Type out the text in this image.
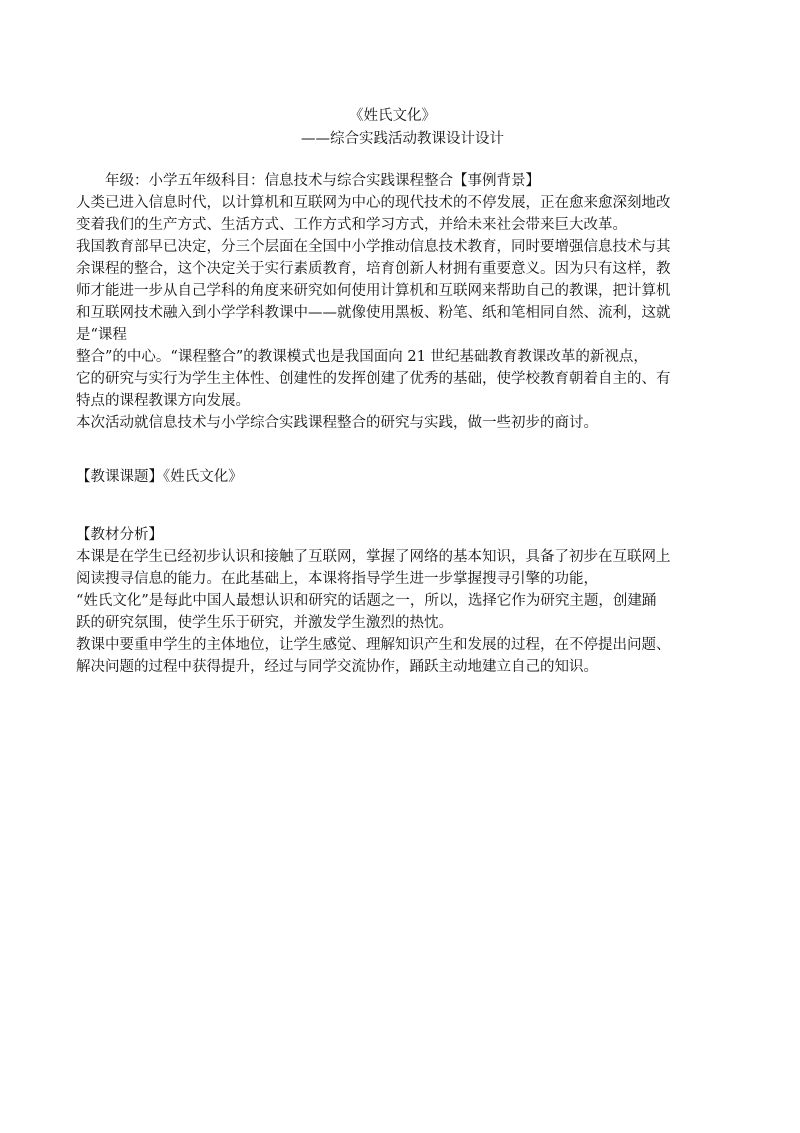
《姓氏文化》
——综合实践活动教课设计设计
年级：小学五年级科目：信息技术与综合实践课程整合【事例背景】
人类已进入信息时代，以计算机和互联网为中心的现代技术的不停发展，正在愈来愈深刻地改
变着我们的生产方式、生活方式、工作方式和学习方式，并给未来社会带来巨大改革。
我国教育部早已决定，分三个层面在全国中小学推动信息技术教育，同时要增强信息技术与其
余课程的整合，这个决定关于实行素质教育，培育创新人材拥有重要意义。因为只有这样，教
师才能进一步从自己学科的角度来研究如何使用计算机和互联网来帮助自己的教课，把计算机
和互联网技术融入到小学学科教课中——就像使用黑板、粉笔、纸和笔相同自然、流利，这就
是“课程
整合”的中心。“课程整合”的教课模式也是我国面向 21 世纪基础教育教课改革的新视点，
它的研究与实行为学生主体性、创建性的发挥创建了优秀的基础，使学校教育朝着自主的、有
特点的课程教课方向发展。
本次活动就信息技术与小学综合实践课程整合的研究与实践，做一些初步的商讨。
【教课课题】《姓氏文化》
【教材分析】
本课是在学生已经初步认识和接触了互联网，掌握了网络的基本知识，具备了初步在互联网上
阅读搜寻信息的能力。在此基础上，本课将指导学生进一步掌握搜寻引擎的功能，
“姓氏文化”是每此中国人最想认识和研究的话题之一，所以，选择它作为研究主题，创建踊
跃的研究氛围，使学生乐于研究，并激发学生激烈的热忱。
教课中要重申学生的主体地位，让学生感觉、理解知识产生和发展的过程，在不停提出问题、
解决问题的过程中获得提升，经过与同学交流协作，踊跃主动地建立自己的知识。
